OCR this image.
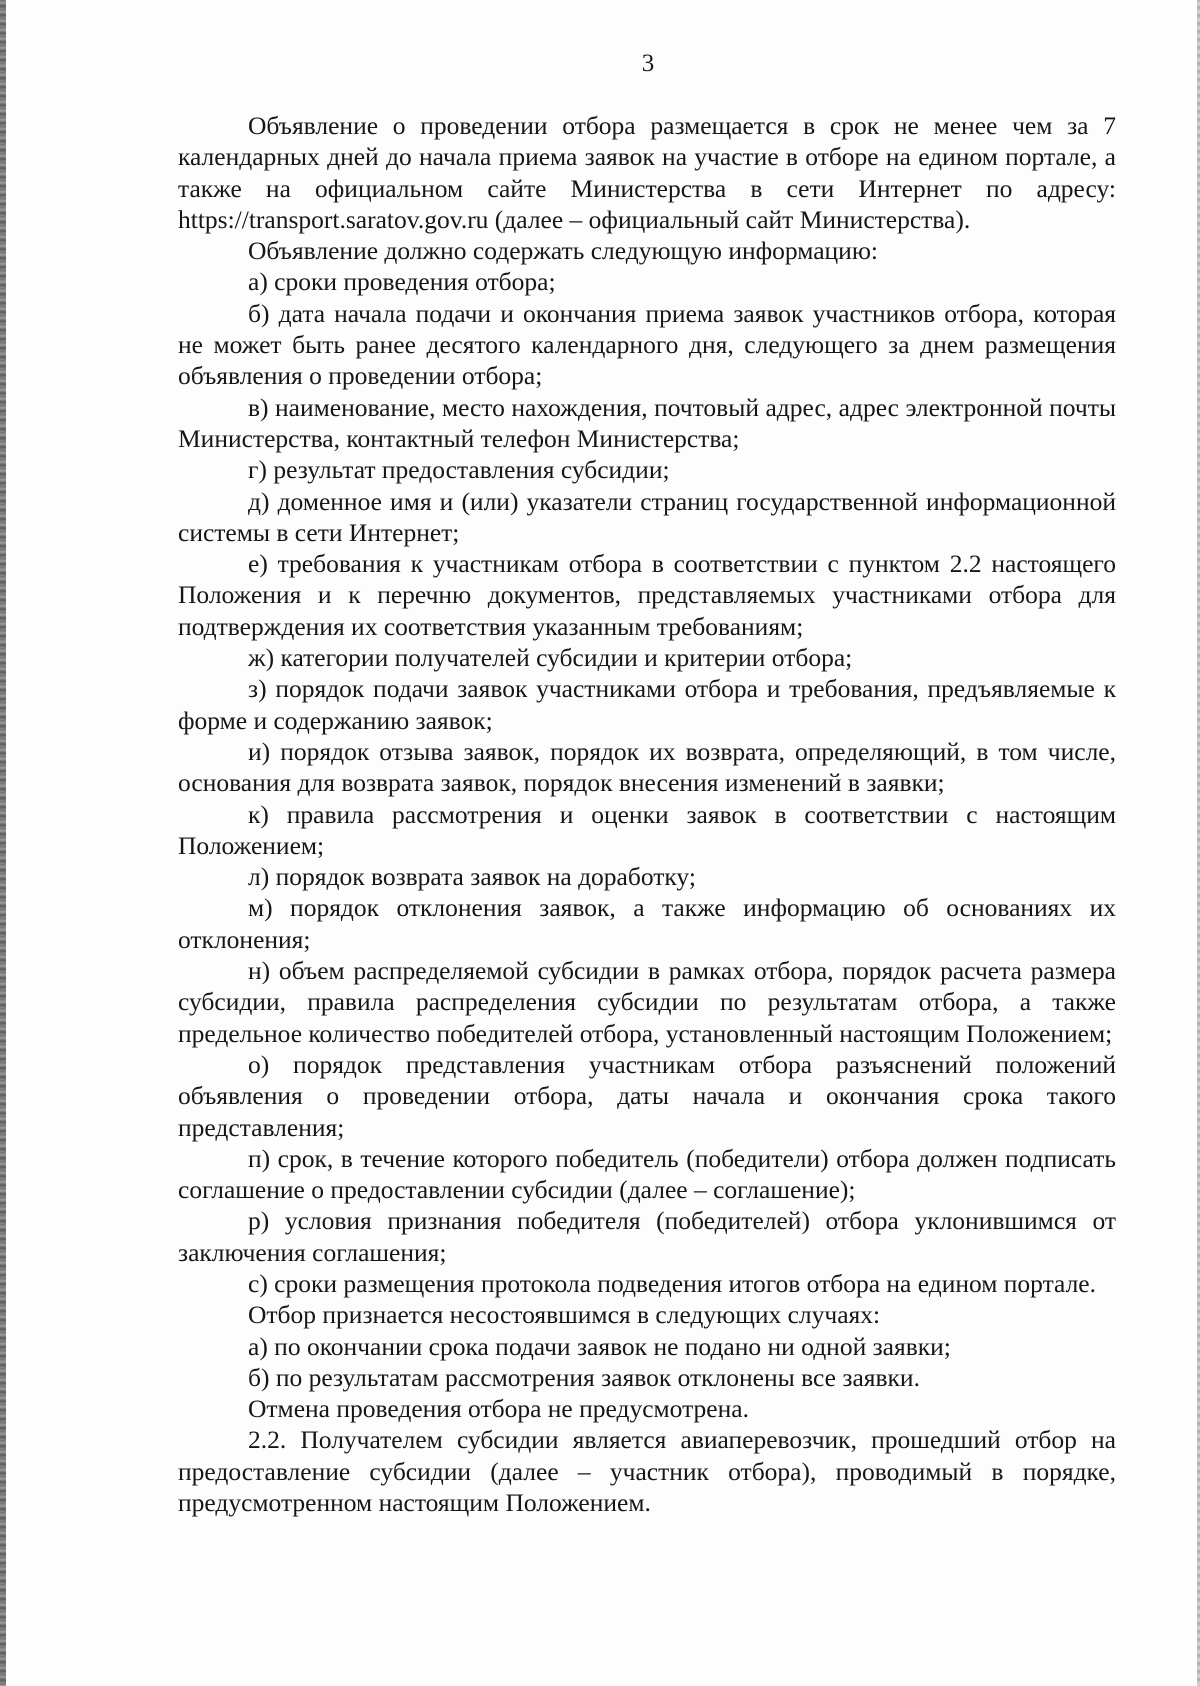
3

Объявление о проведении отбора размещается в срок не менее чем за 7 календарных дней до начала приема заявок на участие в отборе на едином портале, а также на официальном сайте Министерства в сети Интернет по адресу: https://transport.saratov.gov.ru (далее – официальный сайт Министерства).

Объявление должно содержать следующую информацию:

а) сроки проведения отбора;

б) дата начала подачи и окончания приема заявок участников отбора, которая не может быть ранее десятого календарного дня, следующего за днем размещения объявления о проведении отбора;

в) наименование, место нахождения, почтовый адрес, адрес электронной почты Министерства, контактный телефон Министерства;

г) результат предоставления субсидии;

д) доменное имя и (или) указатели страниц государственной информационной системы в сети Интернет;

е) требования к участникам отбора в соответствии с пунктом 2.2 настоящего Положения и к перечню документов, представляемых участниками отбора для подтверждения их соответствия указанным требованиям;

ж) категории получателей субсидии и критерии отбора;

з) порядок подачи заявок участниками отбора и требования, предъявляемые к форме и содержанию заявок;

и) порядок отзыва заявок, порядок их возврата, определяющий, в том числе, основания для возврата заявок, порядок внесения изменений в заявки;

к) правила рассмотрения и оценки заявок в соответствии с настоящим Положением;

л) порядок возврата заявок на доработку;

м) порядок отклонения заявок, а также информацию об основаниях их отклонения;

н) объем распределяемой субсидии в рамках отбора, порядок расчета размера субсидии, правила распределения субсидии по результатам отбора, а также предельное количество победителей отбора, установленный настоящим Положением;

о) порядок представления участникам отбора разъяснений положений объявления о проведении отбора, даты начала и окончания срока такого представления;

п) срок, в течение которого победитель (победители) отбора должен подписать соглашение о предоставлении субсидии (далее – соглашение);

р) условия признания победителя (победителей) отбора уклонившимся от заключения соглашения;

с) сроки размещения протокола подведения итогов отбора на едином портале.

Отбор признается несостоявшимся в следующих случаях:

а) по окончании срока подачи заявок не подано ни одной заявки;

б) по результатам рассмотрения заявок отклонены все заявки.

Отмена проведения отбора не предусмотрена.

2.2. Получателем субсидии является авиаперевозчик, прошедший отбор на предоставление субсидии (далее – участник отбора), проводимый в порядке, предусмотренном настоящим Положением.
